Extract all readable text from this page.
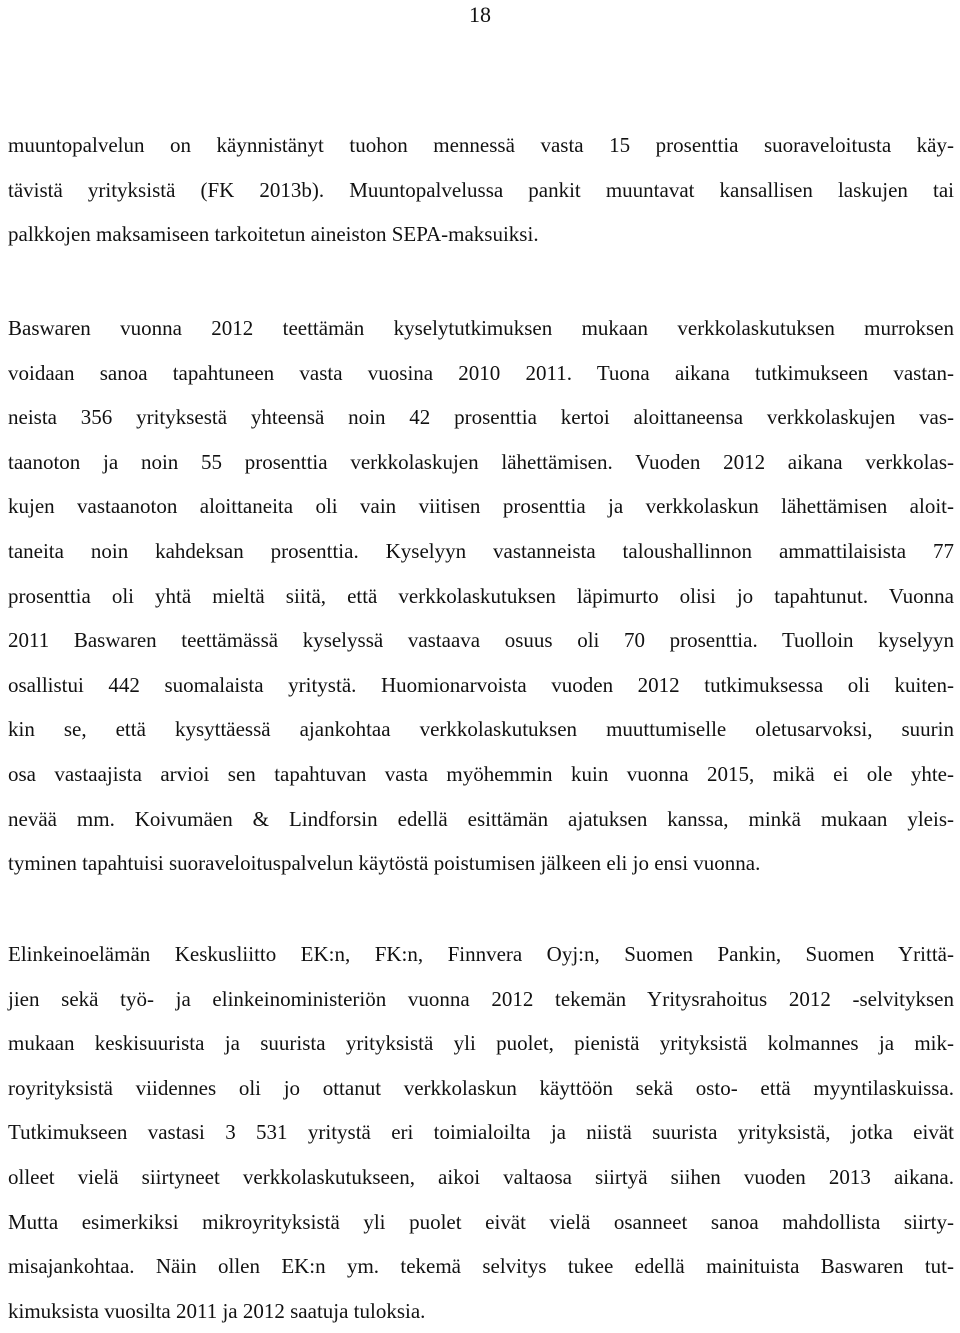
18
muuntopalvelun on käynnistänyt tuohon mennessä vasta 15 prosenttia suoraveloitusta käy-
tävistä yrityksistä (FK 2013b). Muuntopalvelussa pankit muuntavat kansallisen laskujen tai
palkkojen maksamiseen tarkoitetun aineiston SEPA-maksuiksi.
Baswaren vuonna 2012 teettämän kyselytutkimuksen mukaan verkkolaskutuksen murroksen
voidaan sanoa tapahtuneen vasta vuosina 2010 2011. Tuona aikana tutkimukseen vastan-
neista 356 yrityksestä yhteensä noin 42 prosenttia kertoi aloittaneensa verkkolaskujen vas-
taanoton ja noin 55 prosenttia verkkolaskujen lähettämisen. Vuoden 2012 aikana verkkolas-
kujen vastaanoton aloittaneita oli vain viitisen prosenttia ja verkkolaskun lähettämisen aloit-
taneita noin kahdeksan prosenttia. Kyselyyn vastanneista taloushallinnon ammattilaisista 77
prosenttia oli yhtä mieltä siitä, että verkkolaskutuksen läpimurto olisi jo tapahtunut. Vuonna
2011 Baswaren teettämässä kyselyssä vastaava osuus oli 70 prosenttia. Tuolloin kyselyyn
osallistui 442 suomalaista yritystä. Huomionarvoista vuoden 2012 tutkimuksessa oli kuiten-
kin se, että kysyttäessä ajankohtaa verkkolaskutuksen muuttumiselle oletusarvoksi, suurin
osa vastaajista arvioi sen tapahtuvan vasta myöhemmin kuin vuonna 2015, mikä ei ole yhte-
nevää mm. Koivumäen & Lindforsin edellä esittämän ajatuksen kanssa, minkä mukaan yleis-
tyminen tapahtuisi suoraveloituspalvelun käytöstä poistumisen jälkeen eli jo ensi vuonna.
Elinkeinoelämän Keskusliitto EK:n, FK:n, Finnvera Oyj:n, Suomen Pankin, Suomen Yrittä-
jien sekä työ- ja elinkeinoministeriön vuonna 2012 tekemän Yritysrahoitus 2012 -selvityksen
mukaan keskisuurista ja suurista yrityksistä yli puolet, pienistä yrityksistä kolmannes ja mik-
royrityksistä viidennes oli jo ottanut verkkolaskun käyttöön sekä osto- että myyntilaskuissa.
Tutkimukseen vastasi 3 531 yritystä eri toimialoilta ja niistä suurista yrityksistä, jotka eivät
olleet vielä siirtyneet verkkolaskutukseen, aikoi valtaosa siirtyä siihen vuoden 2013 aikana.
Mutta esimerkiksi mikroyrityksistä yli puolet eivät vielä osanneet sanoa mahdollista siirty-
misajankohtaa. Näin ollen EK:n ym. tekemä selvitys tukee edellä mainituista Baswaren tut-
kimuksista vuosilta 2011 ja 2012 saatuja tuloksia.
